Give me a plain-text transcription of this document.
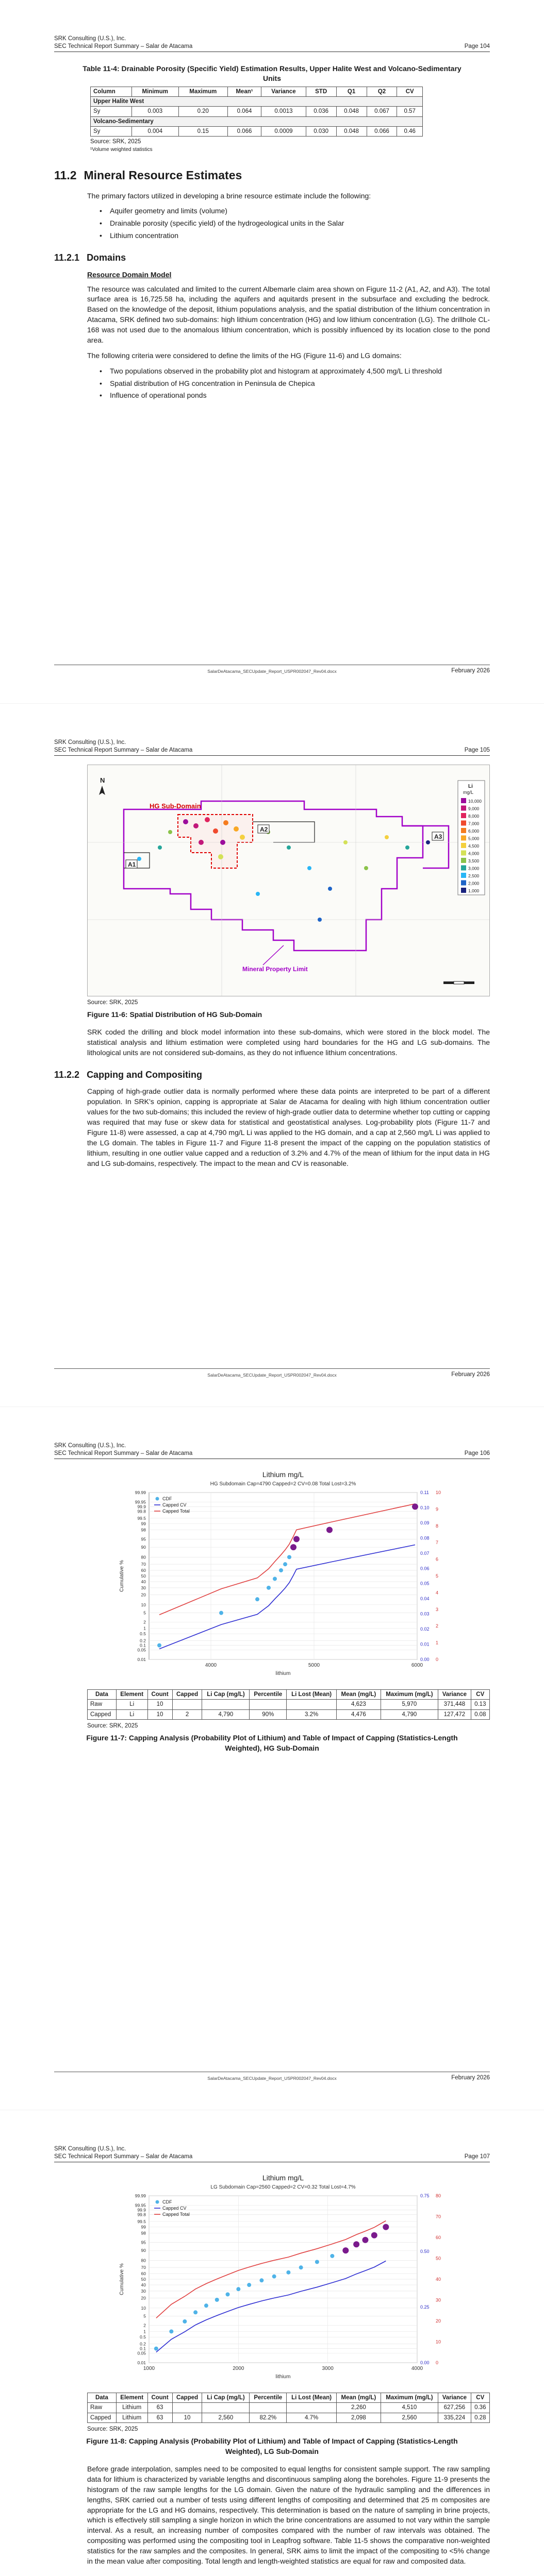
SRK Consulting (U.S.), Inc.
SEC Technical Report Summary – Salar de Atacama	Page 104
Table 11-4: Drainable Porosity (Specific Yield) Estimation Results, Upper Halite West and Volcano-Sedimentary Units
Column	Minimum	Maximum	Mean¹	Variance	STD	Q1	Q2	CV
Upper Halite West								
Sy	0.003	0.20	0.064	0.0013	0.036	0.048	0.067	0.57
Volcano-Sedimentary								
Sy	0.004	0.15	0.066	0.0009	0.030	0.048	0.066	0.46
Source: SRK, 2025
¹Volume weighted statistics
11.2 Mineral Resource Estimates

The primary factors utilized in developing a brine resource estimate include the following:

• Aquifer geometry and limits (volume)
• Drainable porosity (specific yield) of the hydrogeological units in the Salar
• Lithium concentration
11.2.1 Domains
Resource Domain Model

The resource was calculated and limited to the current Albemarle claim area shown on Figure 11-2 (A1, A2, and A3). The total surface area is 16,725.58 ha, including the aquifers and aquitards present in the subsurface and excluding the bedrock. Based on the knowledge of the deposit, lithium populations analysis, and the spatial distribution of the lithium concentration in Atacama, SRK defined two sub-domains: high lithium concentration (HG) and low lithium concentration (LG). The drillhole CL-168 was not used due to the anomalous lithium concentration, which is possibly influenced by its location close to the pond area.

The following criteria were considered to define the limits of the HG (Figure 11-6) and LG domains:

• Two populations observed in the probability plot and histogram at approximately 4,500 mg/L Li threshold
• Spatial distribution of HG concentration in Peninsula de Chepica
• Influence of operational ponds
SalarDeAtacama_SECUpdate_Report_USPR002047_Rev04.docx	February 2026
SRK Consulting (U.S.), Inc.
SEC Technical Report Summary – Salar de Atacama	Page 105
N
HG Sub-Domain
A1
A2
A3
Mineral Property Limit
Li
mg/L
10,000
9,000
8,000
7,000
6,000
5,000
4,500
4,000
3,500
3,000
2,500
2,000
1,000
Source: SRK, 2025
Figure 11-6: Spatial Distribution of HG Sub-Domain

SRK coded the drilling and block model information into these sub-domains, which were stored in the block model. The statistical analysis and lithium estimation were completed using hard boundaries for the HG and LG sub-domains. The lithological units are not considered sub-domains, as they do not influence lithium concentrations.

11.2.2 Capping and Compositing

Capping of high-grade outlier data is normally performed where these data points are interpreted to be part of a different population. In SRK’s opinion, capping is appropriate at Salar de Atacama for dealing with high lithium concentration outlier values for the two sub-domains; this included the review of high-grade outlier data to determine whether top cutting or capping was required that may fuse or skew data for statistical and geostatistical analyses. Log-probability plots (Figure 11-7 and Figure 11-8) were assessed, a cap at 4,790 mg/L Li was applied to the HG domain, and a cap at 2,560 mg/L Li was applied to the LG domain. The tables in Figure 11-7 and Figure 11-8 present the impact of the capping on the population statistics of lithium, resulting in one outlier value capped and a reduction of 3.2% and 4.7% of the mean of lithium for the input data in HG and LG sub-domains, respectively. The impact to the mean and CV is reasonable.

SalarDeAtacama_SECUpdate_Report_USPR002047_Rev04.docx	February 2026
SRK Consulting (U.S.), Inc.
SEC Technical Report Summary – Salar de Atacama	Page 106
Lithium mg/L
HG Subdomain Cap=4790 Capped=2 CV=0.08 Total Lost=3.2%
99.99
99.95
99.9
99.8
99.5
99
98
95
90
80
70
60
50
40
30
20
10
5
2
1
0.5
0.2
0.1
0.05
0.01
4000	5000	6000
lithium
Cumulative %
0.11
0.10
0.09
0.08
0.07
0.06
0.05
0.04
0.03
0.02
0.01
0.00
10
9
8
7
6
5
4
3
2
1
0
CDF
Capped CV
Capped Total
Data	Element	Count	Capped	Li Cap (mg/L)	Percentile	Li Lost (Mean)	Mean (mg/L)	Maximum (mg/L)	Variance	CV
Raw	Li	10					4,623	5,970	371,448	0.13
Capped	Li	10	2	4,790	90%	3.2%	4,476	4,790	127,472	0.08
Source: SRK, 2025
Figure 11-7: Capping Analysis (Probability Plot of Lithium) and Table of Impact of Capping (Statistics-Length Weighted), HG Sub-Domain
SalarDeAtacama_SECUpdate_Report_USPR002047_Rev04.docx	February 2026
SRK Consulting (U.S.), Inc.
SEC Technical Report Summary – Salar de Atacama	Page 107
Lithium mg/L
LG Subdomain Cap=2560 Capped=2 CV=0.32 Total Lost=4.7%
99.99
99.95
99.9
99.8
99.5
99
98
95
90
80
70
60
50
40
30
20
10
5
2
1
0.5
0.2
0.1
0.05
0.01
1000	2000	3000	4000
lithium
Cumulative %
0.75
0.50
0.25
0.00
80
70
60
50
40
30
20
10
0
CDF
Capped CV
Capped Total
Data	Element	Count	Capped	Li Cap (mg/L)	Percentile	Li Lost (Mean)	Mean (mg/L)	Maximum (mg/L)	Variance	CV
Raw	Lithium	63					2,260	4,510	627,256	0.36
Capped	Lithium	63	10	2,560	82.2%	4.7%	2,098	2,560	335,224	0.28
Source: SRK, 2025
Figure 11-8: Capping Analysis (Probability Plot of Lithium) and Table of Impact of Capping (Statistics-Length Weighted), LG Sub-Domain

Before grade interpolation, samples need to be composited to equal lengths for consistent sample support. The raw sampling data for lithium is characterized by variable lengths and discontinuous sampling along the boreholes. Figure 11-9 presents the histogram of the raw sample lengths for the LG domain. Given the nature of the hydraulic sampling and the differences in lengths, SRK carried out a number of tests using different lengths of compositing and determined that 25 m composites are appropriate for the LG and HG domains, respectively. This determination is based on the nature of sampling in brine projects, which is effectively still sampling a single horizon in which the brine concentrations are assumed to not vary within the sample interval. As a result, an increasing number of composites compared with the number of raw intervals was obtained. The compositing was performed using the compositing tool in Leapfrog software. Table 11-5 shows the comparative non-weighted statistics for the raw samples and the composites. In general, SRK aims to limit the impact of the compositing to <5% change in the mean value after compositing. Total length and length-weighted statistics are equal for raw and composited data.
